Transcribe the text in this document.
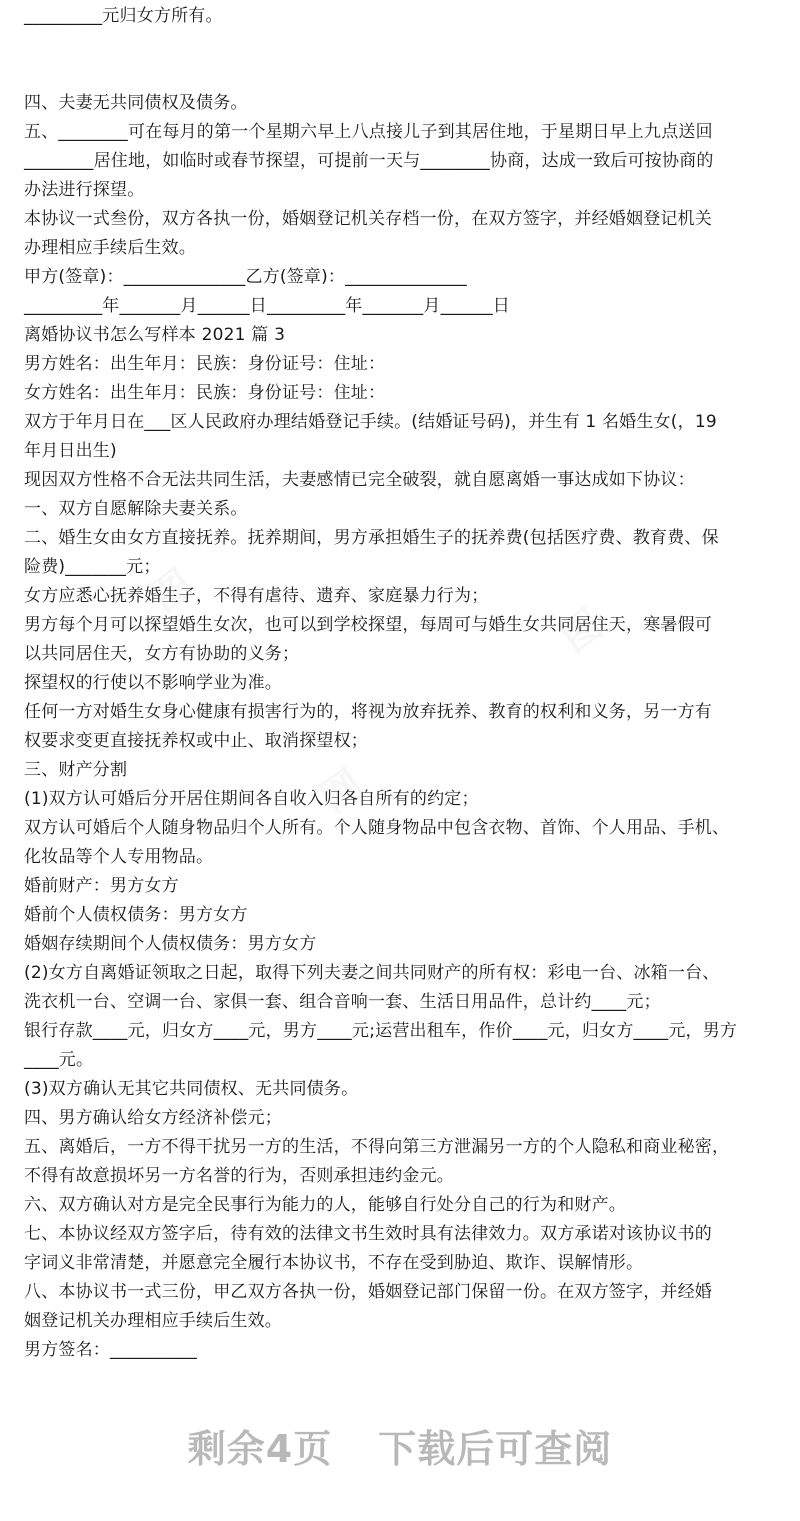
_________元归女方所有。

四、夫妻无共同债权及债务。

五、________可在每月的第一个星期六早上八点接儿子到其居住地，于星期日早上九点送回

________居住地，如临时或春节探望，可提前一天与________协商，达成一致后可按协商的

办法进行探望。

本协议一式叁份，双方各执一份，婚姻登记机关存档一份，在双方签字，并经婚姻登记机关

办理相应手续后生效。

甲方(签章)：______________乙方(签章)：______________

_________年_______月______日_________年_______月______日

离婚协议书怎么写样本 2021 篇 3

男方姓名：出生年月：民族：身份证号：住址：

女方姓名：出生年月：民族：身份证号：住址：

双方于年月日在___区人民政府办理结婚登记手续。(结婚证号码)，并生有 1 名婚生女(，19

年月日出生)

现因双方性格不合无法共同生活，夫妻感情已完全破裂，就自愿离婚一事达成如下协议：

一、双方自愿解除夫妻关系。

二、婚生女由女方直接抚养。抚养期间，男方承担婚生子的抚养费(包括医疗费、教育费、保

险费)_______元；

女方应悉心抚养婚生子，不得有虐待、遗弃、家庭暴力行为；

男方每个月可以探望婚生女次，也可以到学校探望，每周可与婚生女共同居住天，寒暑假可

以共同居住天，女方有协助的义务；

探望权的行使以不影响学业为准。

任何一方对婚生女身心健康有损害行为的，将视为放弃抚养、教育的权利和义务，另一方有

权要求变更直接抚养权或中止、取消探望权；

三、财产分割

(1)双方认可婚后分开居住期间各自收入归各自所有的约定；

双方认可婚后个人随身物品归个人所有。个人随身物品中包含衣物、首饰、个人用品、手机、

化妆品等个人专用物品。

婚前财产：男方女方

婚前个人债权债务：男方女方

婚姻存续期间个人债权债务：男方女方

(2)女方自离婚证领取之日起，取得下列夫妻之间共同财产的所有权：彩电一台、冰箱一台、

洗衣机一台、空调一台、家俱一套、组合音响一套、生活日用品件，总计约____元；

银行存款____元，归女方____元，男方____元;运营出租车，作价____元，归女方____元，男方

____元。

(3)双方确认无其它共同债权、无共同债务。

四、男方确认给女方经济补偿元；

五、离婚后，一方不得干扰另一方的生活，不得向第三方泄漏另一方的个人隐私和商业秘密，

不得有故意损坏另一方名誉的行为，否则承担违约金元。

六、双方确认对方是完全民事行为能力的人，能够自行处分自己的行为和财产。

七、本协议经双方签字后，待有效的法律文书生效时具有法律效力。双方承诺对该协议书的

字词义非常清楚，并愿意完全履行本协议书，不存在受到胁迫、欺诈、误解情形。

八、本协议书一式三份，甲乙双方各执一份，婚姻登记部门保留一份。在双方签字，并经婚

姻登记机关办理相应手续后生效。

男方签名：__________

剩余4页 下载后可查阅
